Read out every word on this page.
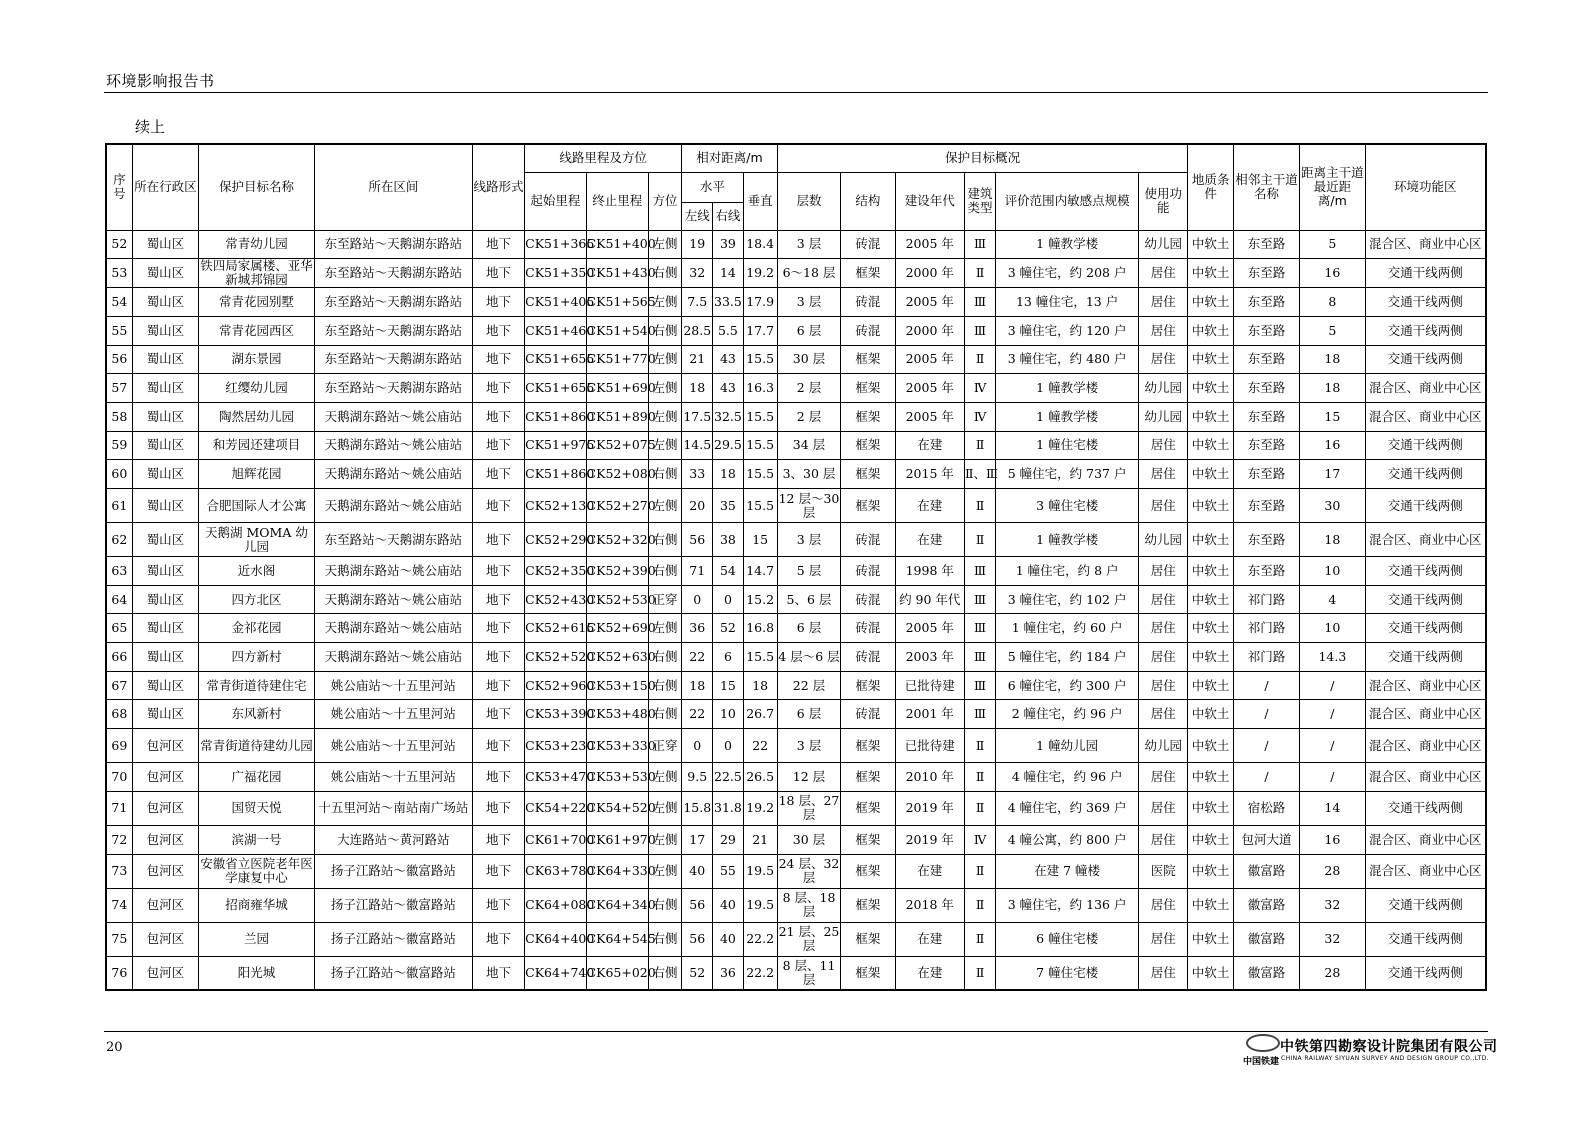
环境影响报告书
续上
序号	所在行政区	保护目标名称	所在区间	线路形式	线路里程及方位			相对距离/m			保护目标概况						地质条件	相邻主干道名称	距离主干道最近距离/m	环境功能区
					起始里程	终止里程	方位	水平		垂直	层数	结构	建设年代	建筑类型	评价范围内敏感点规模	使用功能				
								左线	右线											
52	蜀山区	常青幼儿园	东至路站～天鹅湖东路站	地下	CK51+365	CK51+400	左侧	19	39	18.4	3 层	砖混	2005 年	Ⅲ	1 幢教学楼	幼儿园	中软土	东至路	5	混合区、商业中心区
53	蜀山区	铁四局家属楼、亚华新城邦锦园	东至路站～天鹅湖东路站	地下	CK51+350	CK51+430	右侧	32	14	19.2	6～18 层	框架	2000 年	Ⅱ	3 幢住宅，约 208 户	居住	中软土	东至路	16	交通干线两侧
54	蜀山区	常青花园别墅	东至路站～天鹅湖东路站	地下	CK51+405	CK51+565	左侧	7.5	33.5	17.9	3 层	砖混	2005 年	Ⅲ	13 幢住宅，13 户	居住	中软土	东至路	8	交通干线两侧
55	蜀山区	常青花园西区	东至路站～天鹅湖东路站	地下	CK51+460	CK51+540	右侧	28.5	5.5	17.7	6 层	砖混	2000 年	Ⅲ	3 幢住宅，约 120 户	居住	中软土	东至路	5	交通干线两侧
56	蜀山区	湖东景园	东至路站～天鹅湖东路站	地下	CK51+655	CK51+770	左侧	21	43	15.5	30 层	框架	2005 年	Ⅱ	3 幢住宅，约 480 户	居住	中软土	东至路	18	交通干线两侧
57	蜀山区	红缨幼儿园	东至路站～天鹅湖东路站	地下	CK51+655	CK51+690	左侧	18	43	16.3	2 层	框架	2005 年	Ⅳ	1 幢教学楼	幼儿园	中软土	东至路	18	混合区、商业中心区
58	蜀山区	陶然居幼儿园	天鹅湖东路站～姚公庙站	地下	CK51+860	CK51+890	左侧	17.5	32.5	15.5	2 层	框架	2005 年	Ⅳ	1 幢教学楼	幼儿园	中软土	东至路	15	混合区、商业中心区
59	蜀山区	和芳园还建项目	天鹅湖东路站～姚公庙站	地下	CK51+975	CK52+075	左侧	14.5	29.5	15.5	34 层	框架	在建	Ⅱ	1 幢住宅楼	居住	中软土	东至路	16	交通干线两侧
60	蜀山区	旭辉花园	天鹅湖东路站～姚公庙站	地下	CK51+860	CK52+080	右侧	33	18	15.5	3、30 层	框架	2015 年	Ⅱ、Ⅲ	5 幢住宅，约 737 户	居住	中软土	东至路	17	交通干线两侧
61	蜀山区	合肥国际人才公寓	天鹅湖东路站～姚公庙站	地下	CK52+130	CK52+270	左侧	20	35	15.5	12 层～30 层	框架	在建	Ⅱ	3 幢住宅楼	居住	中软土	东至路	30	交通干线两侧
62	蜀山区	天鹅湖 MOMA 幼儿园	东至路站～天鹅湖东路站	地下	CK52+290	CK52+320	右侧	56	38	15	3 层	砖混	在建	Ⅱ	1 幢教学楼	幼儿园	中软土	东至路	18	混合区、商业中心区
63	蜀山区	近水阁	天鹅湖东路站～姚公庙站	地下	CK52+350	CK52+390	右侧	71	54	14.7	5 层	砖混	1998 年	Ⅲ	1 幢住宅，约 8 户	居住	中软土	东至路	10	交通干线两侧
64	蜀山区	四方北区	天鹅湖东路站～姚公庙站	地下	CK52+430	CK52+530	正穿	0	0	15.2	5、6 层	砖混	约 90 年代	Ⅲ	3 幢住宅，约 102 户	居住	中软土	祁门路	4	交通干线两侧
65	蜀山区	金祁花园	天鹅湖东路站～姚公庙站	地下	CK52+615	CK52+690	左侧	36	52	16.8	6 层	砖混	2005 年	Ⅲ	1 幢住宅，约 60 户	居住	中软土	祁门路	10	交通干线两侧
66	蜀山区	四方新村	天鹅湖东路站～姚公庙站	地下	CK52+520	CK52+630	右侧	22	6	15.5	4 层～6 层	砖混	2003 年	Ⅲ	5 幢住宅，约 184 户	居住	中软土	祁门路	14.3	交通干线两侧
67	蜀山区	常青街道待建住宅	姚公庙站～十五里河站	地下	CK52+960	CK53+150	右侧	18	15	18	22 层	框架	已批待建	Ⅲ	6 幢住宅，约 300 户	居住	中软土	/	/	混合区、商业中心区
68	蜀山区	东风新村	姚公庙站～十五里河站	地下	CK53+390	CK53+480	右侧	22	10	26.7	6 层	砖混	2001 年	Ⅲ	2 幢住宅，约 96 户	居住	中软土	/	/	混合区、商业中心区
69	包河区	常青街道待建幼儿园	姚公庙站～十五里河站	地下	CK53+230	CK53+330	正穿	0	0	22	3 层	框架	已批待建	Ⅱ	1 幢幼儿园	幼儿园	中软土	/	/	混合区、商业中心区
70	包河区	广福花园	姚公庙站～十五里河站	地下	CK53+470	CK53+530	左侧	9.5	22.5	26.5	12 层	框架	2010 年	Ⅱ	4 幢住宅，约 96 户	居住	中软土	/	/	混合区、商业中心区
71	包河区	国贸天悦	十五里河站～南站南广场站	地下	CK54+220	CK54+520	左侧	15.8	31.8	19.2	18 层、27 层	框架	2019 年	Ⅱ	4 幢住宅，约 369 户	居住	中软土	宿松路	14	交通干线两侧
72	包河区	滨湖一号	大连路站～黄河路站	地下	CK61+700	CK61+970	左侧	17	29	21	30 层	框架	2019 年	Ⅳ	4 幢公寓，约 800 户	居住	中软土	包河大道	16	混合区、商业中心区
73	包河区	安徽省立医院老年医学康复中心	扬子江路站～徽富路站	地下	CK63+780	CK64+330	左侧	40	55	19.5	24 层、32 层	框架	在建	Ⅱ	在建 7 幢楼	医院	中软土	徽富路	28	混合区、商业中心区
74	包河区	招商雍华城	扬子江路站～徽富路站	地下	CK64+080	CK64+340	右侧	56	40	19.5	8 层、18 层	框架	2018 年	Ⅱ	3 幢住宅，约 136 户	居住	中软土	徽富路	32	交通干线两侧
75	包河区	兰园	扬子江路站～徽富路站	地下	CK64+400	CK64+545	右侧	56	40	22.2	21 层、25 层	框架	在建	Ⅱ	6 幢住宅楼	居住	中软土	徽富路	32	交通干线两侧
76	包河区	阳光城	扬子江路站～徽富路站	地下	CK64+740	CK65+020	右侧	52	36	22.2	8 层、11 层	框架	在建	Ⅱ	7 幢住宅楼	居住	中软土	徽富路	28	交通干线两侧
20
中国铁建
中铁第四勘察设计院集团有限公司
CHINA RAILWAY SIYUAN SURVEY AND DESIGN GROUP CO.,LTD.
